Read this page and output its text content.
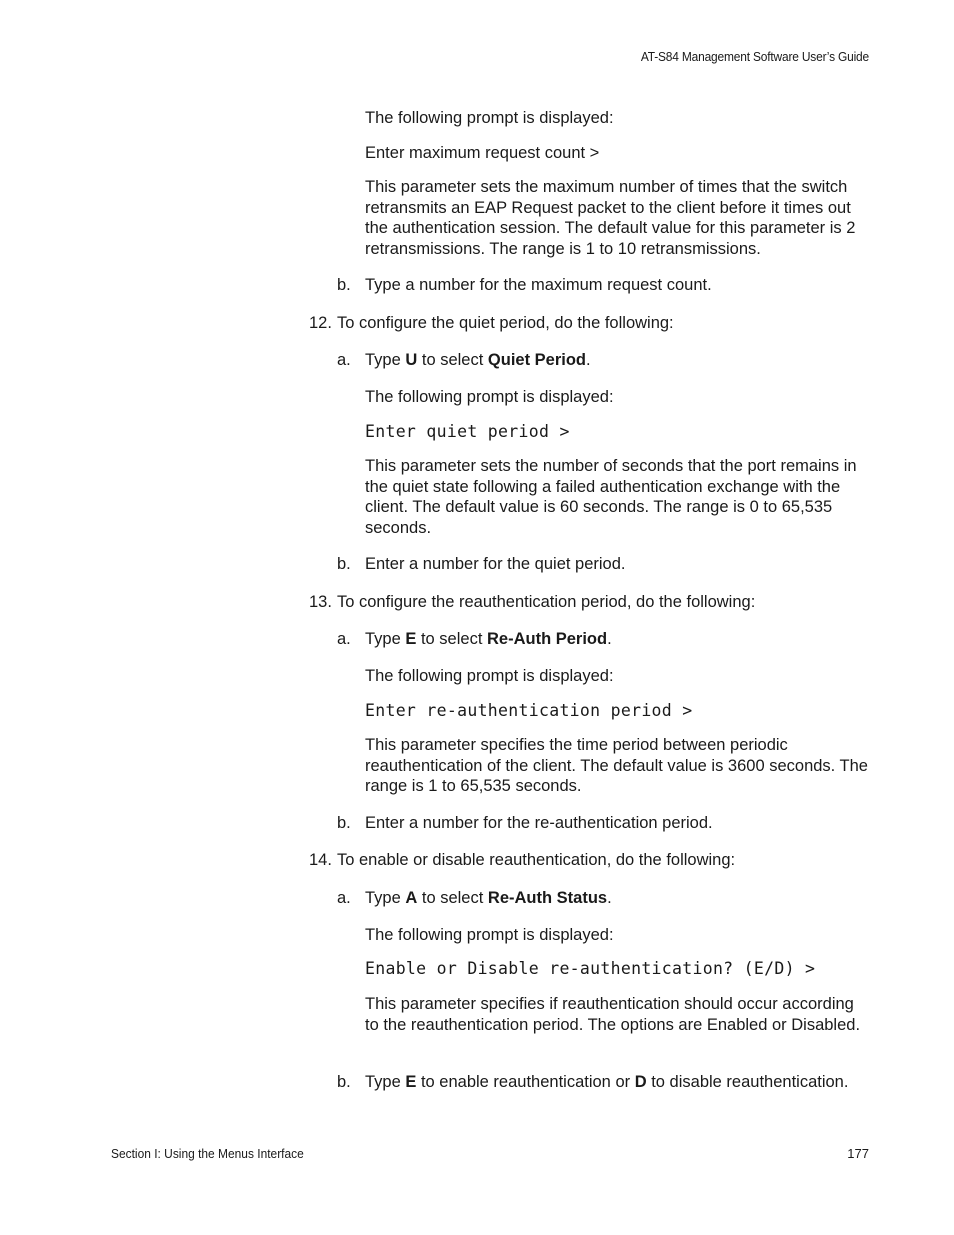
AT-S84 Management Software User’s Guide
The following prompt is displayed:
Enter maximum request count >
This parameter sets the maximum number of times that the switch retransmits an EAP Request packet to the client before it times out the authentication session. The default value for this parameter is 2 retransmissions. The range is 1 to 10 retransmissions.
b. Type a number for the maximum request count.
12. To configure the quiet period, do the following:
a. Type U to select Quiet Period.
The following prompt is displayed:
Enter quiet period >
This parameter sets the number of seconds that the port remains in the quiet state following a failed authentication exchange with the client. The default value is 60 seconds. The range is 0 to 65,535 seconds.
b. Enter a number for the quiet period.
13. To configure the reauthentication period, do the following:
a. Type E to select Re-Auth Period.
The following prompt is displayed:
Enter re-authentication period >
This parameter specifies the time period between periodic reauthentication of the client. The default value is 3600 seconds. The range is 1 to 65,535 seconds.
b. Enter a number for the re-authentication period.
14. To enable or disable reauthentication, do the following:
a. Type A to select Re-Auth Status.
The following prompt is displayed:
Enable or Disable re-authentication? (E/D) >
This parameter specifies if reauthentication should occur according to the reauthentication period. The options are Enabled or Disabled.
b. Type E to enable reauthentication or D to disable reauthentication.
Section I: Using the Menus Interface	177
